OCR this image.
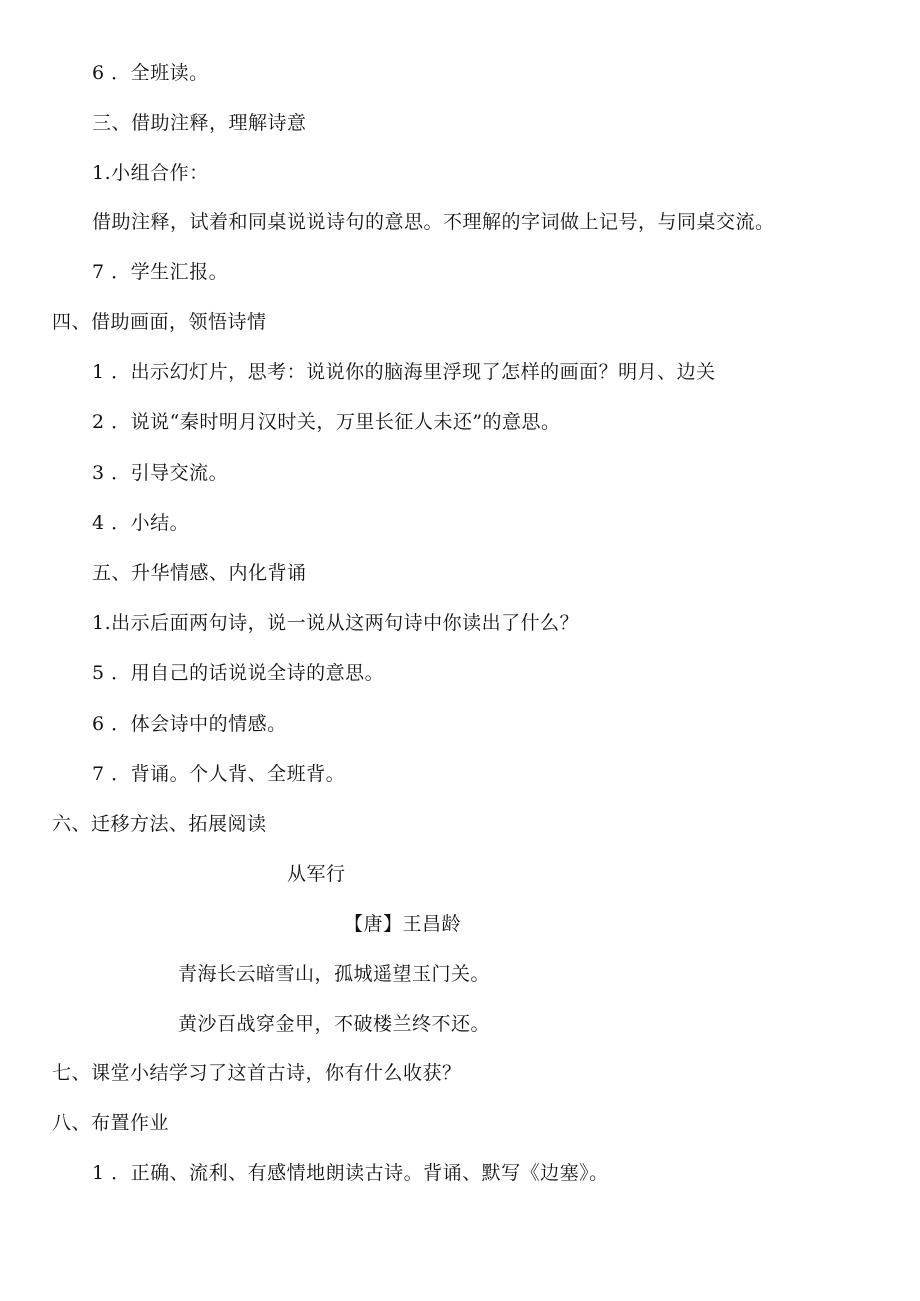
6 ．全班读。
三、借助注释，理解诗意
1.小组合作：
借助注释，试着和同桌说说诗句的意思。不理解的字词做上记号，与同桌交流。
7 ．学生汇报。
四、借助画面，领悟诗情
1 ．出示幻灯片，思考：说说你的脑海里浮现了怎样的画面？明月、边关
2 ．说说“秦时明月汉时关，万里长征人未还”的意思。
3 ．引导交流。
4 ．小结。
五、升华情感、内化背诵
1.出示后面两句诗，说一说从这两句诗中你读出了什么？
5 ．用自己的话说说全诗的意思。
6 ．体会诗中的情感。
7 ．背诵。个人背、全班背。
六、迁移方法、拓展阅读
从军行
【唐】王昌龄
青海长云暗雪山，孤城遥望玉门关。
黄沙百战穿金甲，不破楼兰终不还。
七、课堂小结学习了这首古诗，你有什么收获？
八、布置作业
1 ．正确、流利、有感情地朗读古诗。背诵、默写《边塞》。
